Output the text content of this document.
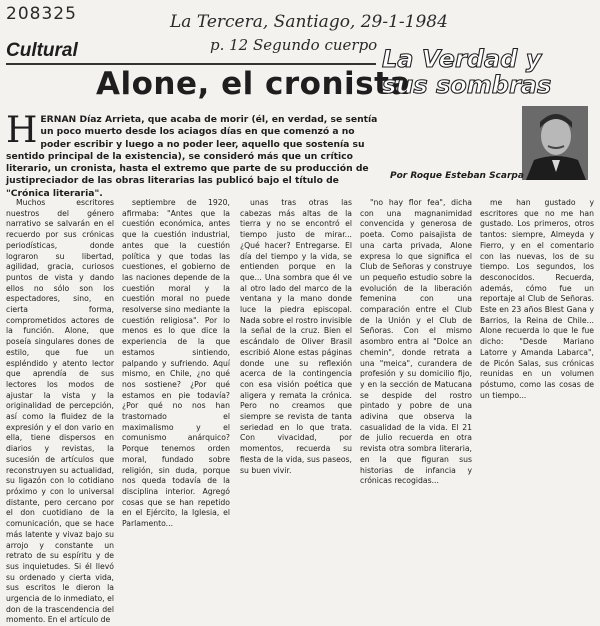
208325	La Tercera, Santiago, 29-1-1984
p. 12 Segundo cuerpo
Cultural
Alone, el cronista
La Verdad y sus sombras
Por Roque Esteban Scarpa
H ERNAN Díaz Arrieta, que acaba de morir (él, en verdad, se sentía un poco muerto desde los aciagos días en que comenzó a no poder escribir y luego a no poder leer, aquello que sostenía su sentido principal de la existencia), se consideró más que un crítico literario, un cronista, hasta el extremo que parte de su producción de justipreciador de las obras literarias las publicó bajo el título de "Crónica literaria".

Muchos escritores nuestros del género narrativo se salvarán en el recuerdo por sus crónicas periodísticas, donde lograron su libertad, agilidad, gracia, curiosos puntos de vista y dando ellos no sólo son los espectadores, sino, en cierta forma, comprometidos actores de la función. Alone, que poseía singulares dones de estilo, que fue un espléndido y atento lector que aprendía de sus lectores los modos de ajustar la vista y la originalidad de percepción, así como la fluidez de la expresión y el don vario en ella, tiene dispersos en diarios y revistas, la sucesión de artículos que reconstruyen su actualidad, su ligazón con lo cotidiano próximo y con lo universal distante, pero cercano por el don cuotidiano de la comunicación, que se hace más latente y vivaz bajo su arrojo y constante un retrato de su espíritu y de sus inquietudes. Si él llevó su ordenado y cierta vida, sus escritos le dieron la urgencia de lo inmediato, el don de la trascendencia del momento. En el artículo de

septiembre de 1920, afirmaba: "Antes que la cuestión económica, antes que la cuestión industrial, antes que la cuestión política y que todas las cuestiones, el gobierno de las naciones depende de la cuestión moral y la cuestión moral no puede resolverse sino mediante la cuestión religiosa". Por lo menos es lo que dice la experiencia de la que estamos sintiendo, palpando y sufriendo. Aquí mismo, en Chile, ¿no qué nos sostiene? ¿Por qué estamos en pie todavía? ¿Por qué no nos han trastornado el maximalismo y el comunismo anárquico? Porque tenemos orden moral, fundado sobre religión, sin duda, porque nos queda todavía de la disciplina interior. Agregó cosas que se han repetido en el Ejército, la Iglesia, el Parlamento...

unas tras otras las cabezas más altas de la tierra y no se encontró el tiempo justo de mirar... ¿Qué hacer? Entregarse. El día del tiempo y la vida, se entienden porque en la que... Una sombra que él ve al otro lado del marco de la ventana y la mano donde luce la piedra episcopal. Nada sobre el rostro invisible la señal de la cruz. Bien el escándalo de Oliver Brasil escribió Alone estas páginas donde une su reflexión acerca de la contingencia con esa visión poética que aligera y remata la crónica. Pero no creamos que siempre se revista de tanta seriedad en lo que trata. Con vivacidad, por momentos, recuerda su fiesta de la vida, sus paseos, su buen vivir.

"no hay flor fea", dicha con una magnanimidad convencida y generosa de poeta. Como paisajista de una carta privada, Alone expresa lo que significa el Club de Señoras y construye un pequeño estudio sobre la evolución de la liberación femenina con una comparación entre el Club de la Unión y el Club de Señoras. Con el mismo asombro entra al "Dolce an chemin", donde retrata a una "meica", curandera de profesión y su domicilio fijo, y en la sección de Matucana se despide del rostro pintado y pobre de una adivina que observa la casualidad de la vida. El 21 de julio recuerda en otra revista otra sombra literaria, en la que figuran sus historias de infancia y crónicas recogidas...

me han gustado y escritores que no me han gustado. Los primeros, otros tantos: siempre, Almeyda y Fierro, y en el comentario con las nuevas, los de su tiempo. Los segundos, los desconocidos. Recuerda, además, cómo fue un reportaje al Club de Señoras. Este en 23 años Blest Gana y Barrios, la Reina de Chile... Alone recuerda lo que le fue dicho: "Desde Mariano Latorre y Amanda Labarca", de Picón Salas, sus crónicas reunidas en un volumen póstumo, como las cosas de un tiempo...
